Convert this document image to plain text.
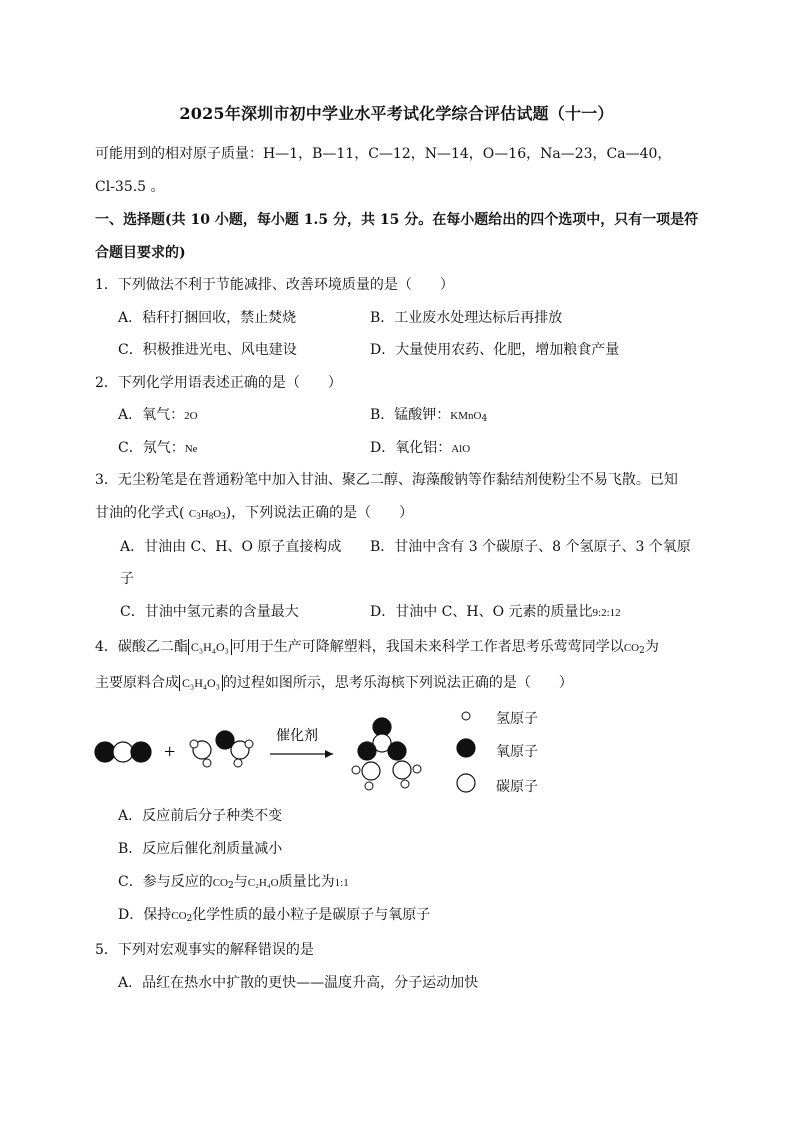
2025年深圳市初中学业水平考试化学综合评估试题（十一）
可能用到的相对原子质量：H—1，B—11，C—12，N—14，O—16，Na—23，Ca—40，
Cl-35.5 。
一、选择题(共 10 小题，每小题 1.5 分，共 15 分。在每小题给出的四个选项中，只有一项是符
合题目要求的)
1．下列做法不利于节能减排、改善环境质量的是（　　）
A．秸秆打捆回收，禁止焚烧	B．工业废水处理达标后再排放
C．积极推进光电、风电建设	D．大量使用农药、化肥，增加粮食产量
2．下列化学用语表述正确的是（　　）
A．氧气：2O	B．锰酸钾：KMnO$_4$
C．氖气：Ne	D．氧化铝：AlO
3．无尘粉笔是在普通粉笔中加入甘油、聚乙二醇、海藻酸钠等作黏结剂使粉尘不易飞散。已知
甘油的化学式( $C_3H_8O_3$)，下列说法正确的是（　　）
A．甘油由 C、H、O 原子直接构成 B．甘油中含有 3 个碳原子、8 个氢原子、3 个氧原
子
C．甘油中氢元素的含量最大	D．甘油中 C、H、O 元素的质量比9:2:12
4．碳酸乙二酯 C₃H₄O₃ 可用于生产可降解塑料，我国未来科学工作者思考乐莺莺同学以$CO_2$为
主要原料合成 C₃H₄O₃ 的过程如图所示，思考乐海槟下列说法正确的是（　　）
+
催化剂
氢原子
氧原子
碳原子
A．反应前后分子种类不变
B．反应后催化剂质量减小
C．参与反应的$CO_2$与C₂H₄O质量比为1:1
D．保持$CO_2$化学性质的最小粒子是碳原子与氧原子
5．下列对宏观事实的解释错误的是
A．品红在热水中扩散的更快——温度升高，分子运动加快
